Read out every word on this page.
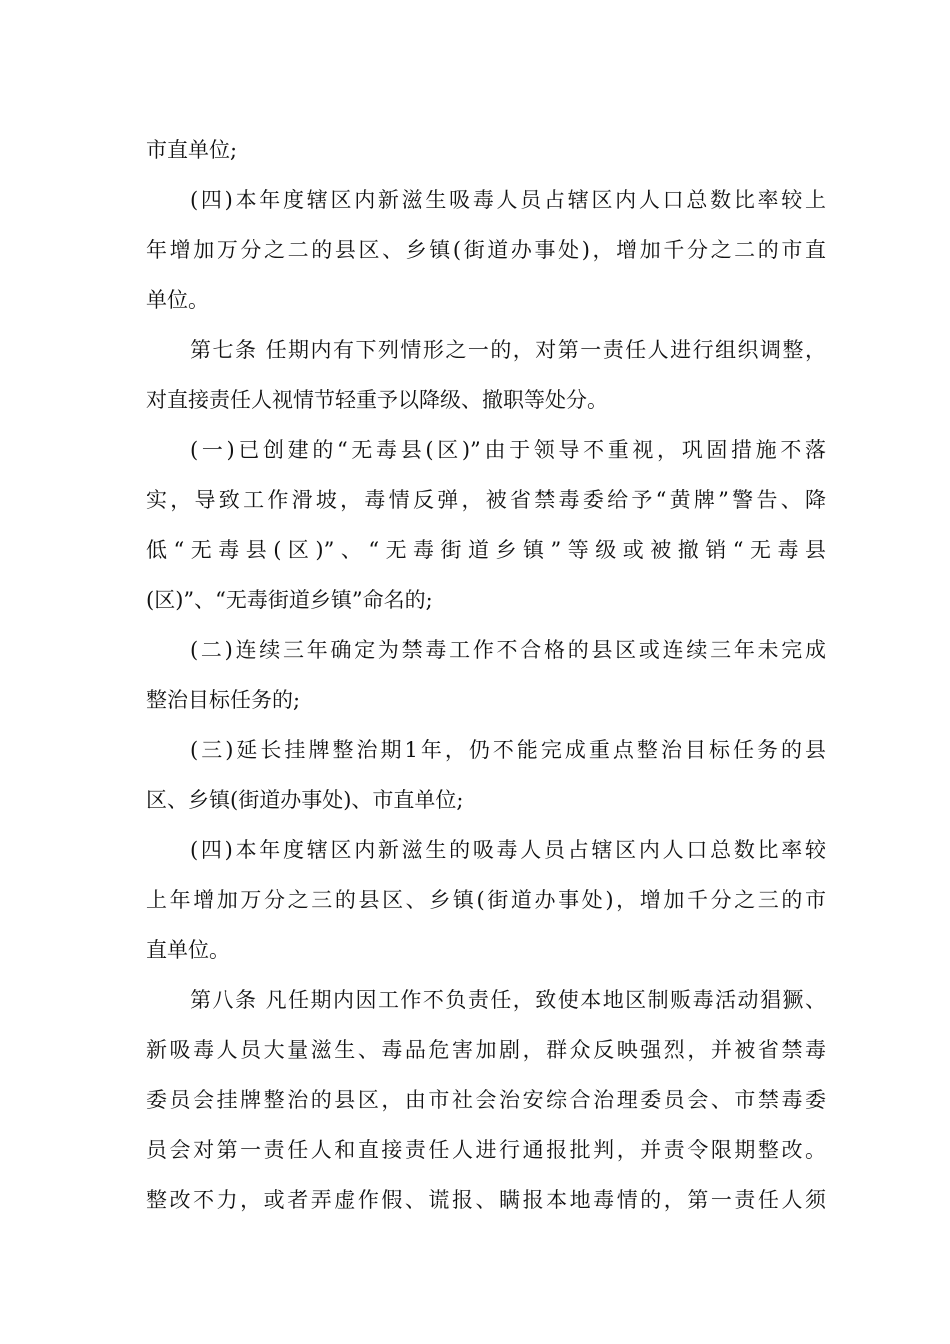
市直单位;
(四)本年度辖区内新滋生吸毒人员占辖区内人口总数比率较上
年增加万分之二的县区、乡镇(街道办事处)，增加千分之二的市直
单位。
第七条 任期内有下列情形之一的，对第一责任人进行组织调整，
对直接责任人视情节轻重予以降级、撤职等处分。
(一)已创建的“无毒县(区)”由于领导不重视，巩固措施不落
实，导致工作滑坡，毒情反弹，被省禁毒委给予“黄牌”警告、降
低“无毒县(区)”、“无毒街道乡镇”等级或被撤销“无毒县
(区)”、“无毒街道乡镇”命名的;
(二)连续三年确定为禁毒工作不合格的县区或连续三年未完成
整治目标任务的;
(三)延长挂牌整治期1年，仍不能完成重点整治目标任务的县
区、乡镇(街道办事处)、市直单位;
(四)本年度辖区内新滋生的吸毒人员占辖区内人口总数比率较
上年增加万分之三的县区、乡镇(街道办事处)，增加千分之三的市
直单位。
第八条 凡任期内因工作不负责任，致使本地区制贩毒活动猖獗、
新吸毒人员大量滋生、毒品危害加剧，群众反映强烈，并被省禁毒
委员会挂牌整治的县区，由市社会治安综合治理委员会、市禁毒委
员会对第一责任人和直接责任人进行通报批判，并责令限期整改。
整改不力，或者弄虚作假、谎报、瞒报本地毒情的，第一责任人须
